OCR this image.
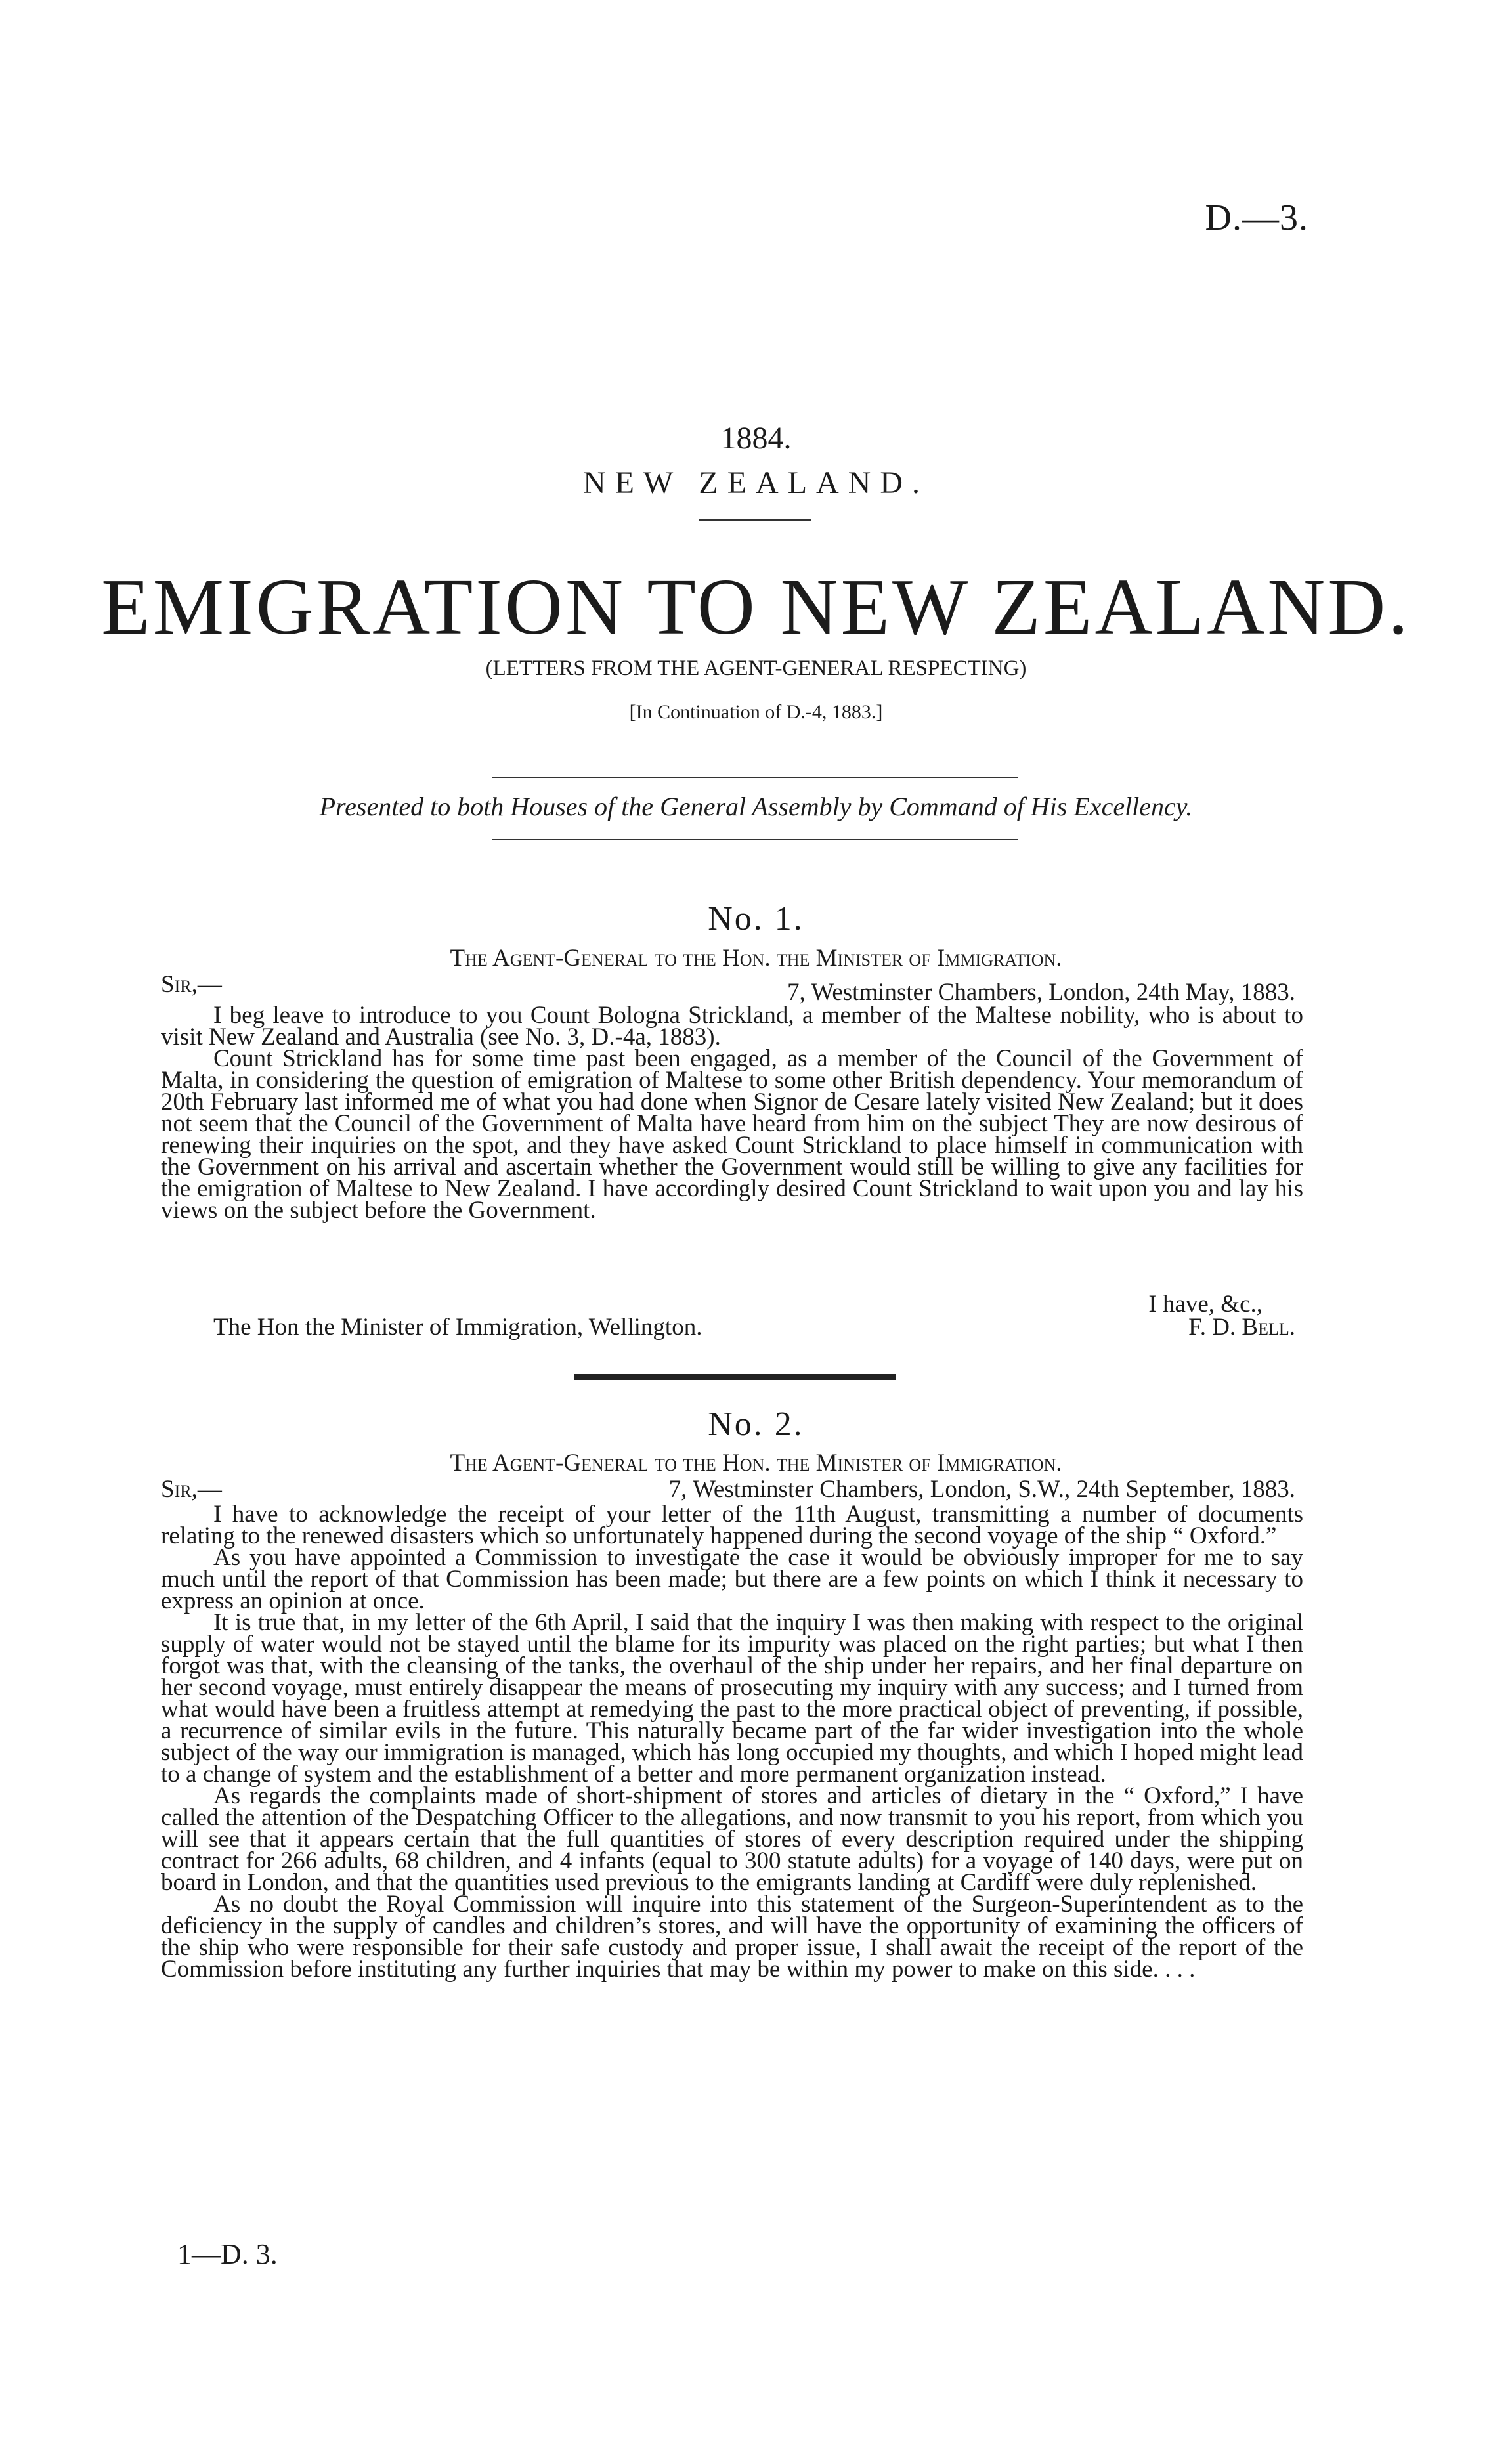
D.—3.
1884.
NEW ZEALAND.
EMIGRATION TO NEW ZEALAND.
(LETTERS FROM THE AGENT-GENERAL RESPECTING)
[In Continuation of D.-4, 1883.]
Presented to both Houses of the General Assembly by Command of His Excellency.
No. 1.
The Agent-General to the Hon. the Minister of Immigration.
Sir,—	7, Westminster Chambers, London, 24th May, 1883.

I beg leave to introduce to you Count Bologna Strickland, a member of the Maltese nobility, who is about to visit New Zealand and Australia (see No. 3, D.-4a, 1883).

Count Strickland has for some time past been engaged, as a member of the Council of the Government of Malta, in considering the question of emigration of Maltese to some other British dependency. Your memorandum of 20th February last informed me of what you had done when Signor de Cesare lately visited New Zealand; but it does not seem that the Council of the Government of Malta have heard from him on the subject They are now desirous of renewing their inquiries on the spot, and they have asked Count Strickland to place himself in communication with the Government on his arrival and ascertain whether the Government would still be willing to give any facilities for the emigration of Maltese to New Zealand. I have accordingly desired Count Strickland to wait upon you and lay his views on the subject before the Government.

I have, &c.,
The Hon the Minister of Immigration, Wellington.	F. D. Bell.
No. 2.
The Agent-General to the Hon. the Minister of Immigration.
Sir,—	7, Westminster Chambers, London, S.W., 24th September, 1883.

I have to acknowledge the receipt of your letter of the 11th August, transmitting a number of documents relating to the renewed disasters which so unfortunately happened during the second voyage of the ship “ Oxford.”

As you have appointed a Commission to investigate the case it would be obviously improper for me to say much until the report of that Commission has been made; but there are a few points on which I think it necessary to express an opinion at once.

It is true that, in my letter of the 6th April, I said that the inquiry I was then making with respect to the original supply of water would not be stayed until the blame for its impurity was placed on the right parties; but what I then forgot was that, with the cleansing of the tanks, the overhaul of the ship under her repairs, and her final departure on her second voyage, must entirely disappear the means of prosecuting my inquiry with any success; and I turned from what would have been a fruitless attempt at remedying the past to the more practical object of preventing, if possible, a recurrence of similar evils in the future. This naturally became part of the far wider investigation into the whole subject of the way our immigration is managed, which has long occupied my thoughts, and which I hoped might lead to a change of system and the establishment of a better and more permanent organization instead.

As regards the complaints made of short-shipment of stores and articles of dietary in the “ Oxford,” I have called the attention of the Despatching Officer to the allegations, and now transmit to you his report, from which you will see that it appears certain that the full quantities of stores of every description required under the shipping contract for 266 adults, 68 children, and 4 infants (equal to 300 statute adults) for a voyage of 140 days, were put on board in London, and that the quantities used previous to the emigrants landing at Cardiff were duly replenished.

As no doubt the Royal Commission will inquire into this statement of the Surgeon-Superintendent as to the deficiency in the supply of candles and children’s stores, and will have the opportunity of examining the officers of the ship who were responsible for their safe custody and proper issue, I shall await the receipt of the report of the Commission before instituting any further inquiries that may be within my power to make on this side. . . .

1—D. 3.
